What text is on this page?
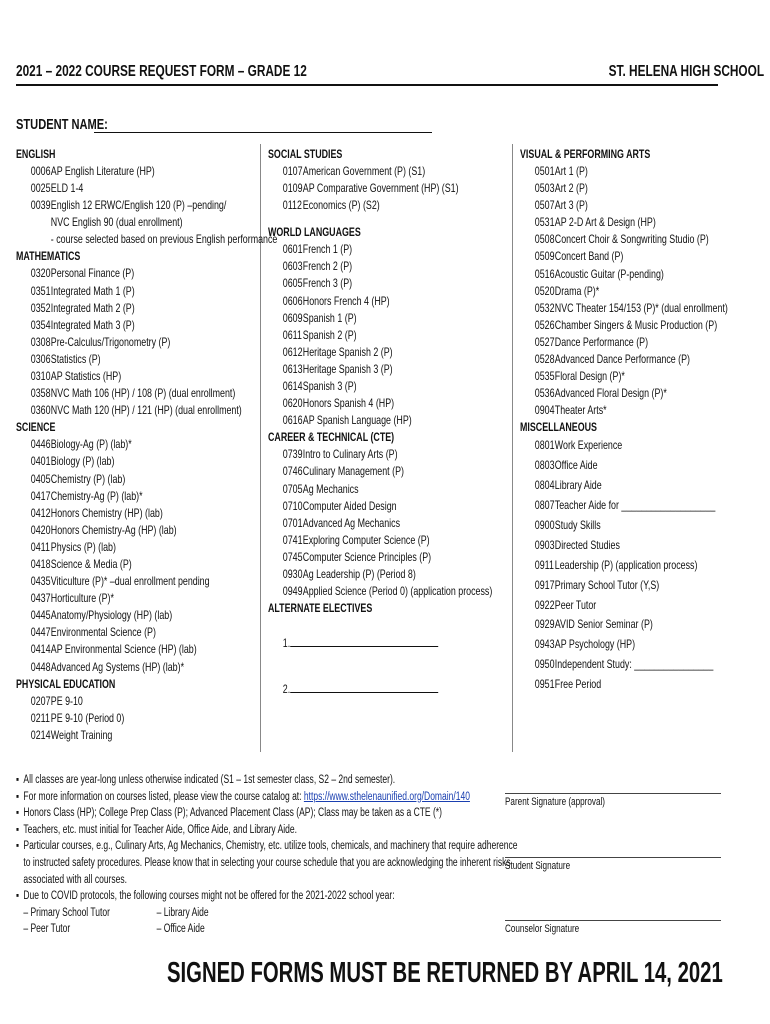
2021 – 2022 COURSE REQUEST FORM – GRADE 12	ST. HELENA HIGH SCHOOL
STUDENT NAME:
ENGLISH
0006AP English Literature (HP)
0025ELD 1-4
0039English 12 ERWC/English 120 (P) –pending/
NVC English 90 (dual enrollment)
- course selected based on previous English performance
MATHEMATICS
0320Personal Finance (P)
0351Integrated Math 1 (P)
0352Integrated Math 2 (P)
0354Integrated Math 3 (P)
0308Pre-Calculus/Trigonometry (P)
0306Statistics (P)
0310AP Statistics (HP)
0358NVC Math 106 (HP) / 108 (P) (dual enrollment)
0360NVC Math 120 (HP) / 121 (HP) (dual enrollment)
SCIENCE
0446Biology-Ag (P) (lab)*
0401Biology (P) (lab)
0405Chemistry (P) (lab)
0417Chemistry-Ag (P) (lab)*
0412Honors Chemistry (HP) (lab)
0420Honors Chemistry-Ag (HP) (lab)
0411Physics (P) (lab)
0418Science & Media (P)
0435Viticulture (P)* –dual enrollment pending
0437Horticulture (P)*
0445Anatomy/Physiology (HP) (lab)
0447Environmental Science (P)
0414AP Environmental Science (HP) (lab)
0448Advanced Ag Systems (HP) (lab)*
PHYSICAL EDUCATION
0207PE 9-10
0211PE 9-10 (Period 0)
0214Weight Training
SOCIAL STUDIES
0107American Government (P) (S1)
0109AP Comparative Government (HP) (S1)
0112Economics (P) (S2)
WORLD LANGUAGES
0601French 1 (P)
0603French 2 (P)
0605French 3 (P)
0606Honors French 4 (HP)
0609Spanish 1 (P)
0611Spanish 2 (P)
0612Heritage Spanish 2 (P)
0613Heritage Spanish 3 (P)
0614Spanish 3 (P)
0620Honors Spanish 4 (HP)
0616AP Spanish Language (HP)
CAREER & TECHNICAL (CTE)
0739Intro to Culinary Arts (P)
0746Culinary Management (P)
0705Ag Mechanics
0710Computer Aided Design
0701Advanced Ag Mechanics
0741Exploring Computer Science (P)
0745Computer Science Principles (P)
0930Ag Leadership (P) (Period 8)
0949Applied Science (Period 0) (application process)
ALTERNATE ELECTIVES
1.
2.
VISUAL & PERFORMING ARTS
0501Art 1 (P)
0503Art 2 (P)
0507Art 3 (P)
0531AP 2-D Art & Design (HP)
0508Concert Choir & Songwriting Studio (P)
0509Concert Band (P)
0516Acoustic Guitar (P-pending)
0520Drama (P)*
0532NVC Theater 154/153 (P)* (dual enrollment)
0526Chamber Singers & Music Production (P)
0527Dance Performance (P)
0528Advanced Dance Performance (P)
0535Floral Design (P)*
0536Advanced Floral Design (P)*
0904Theater Arts*
MISCELLANEOUS
0801Work Experience
0803Office Aide
0804Library Aide
0807Teacher Aide for ___________________
0900Study Skills
0903Directed Studies
0911Leadership (P) (application process)
0917Primary School Tutor (Y,S)
0922Peer Tutor
0929AVID Senior Seminar (P)
0943AP Psychology (HP)
0950Independent Study: ________________
0951Free Period
▪ All classes are year-long unless otherwise indicated (S1 – 1st semester class, S2 – 2nd semester).
▪ For more information on courses listed, please view the course catalog at: https://www.sthelenaunified.org/Domain/140
▪ Honors Class (HP); College Prep Class (P); Advanced Placement Class (AP); Class may be taken as a CTE (*)
▪ Teachers, etc. must initial for Teacher Aide, Office Aide, and Library Aide.
▪ Particular courses, e.g., Culinary Arts, Ag Mechanics, Chemistry, etc. utilize tools, chemicals, and machinery that require adherence
to instructed safety procedures. Please know that in selecting your course schedule that you are acknowledging the inherent risks
associated with all courses.
▪ Due to COVID protocols, the following courses might not be offered for the 2021-2022 school year:
– Primary School Tutor	– Library Aide
– Peer Tutor	– Office Aide
Parent Signature (approval)
Student Signature
Counselor Signature
SIGNED FORMS MUST BE RETURNED BY APRIL 14, 2021
